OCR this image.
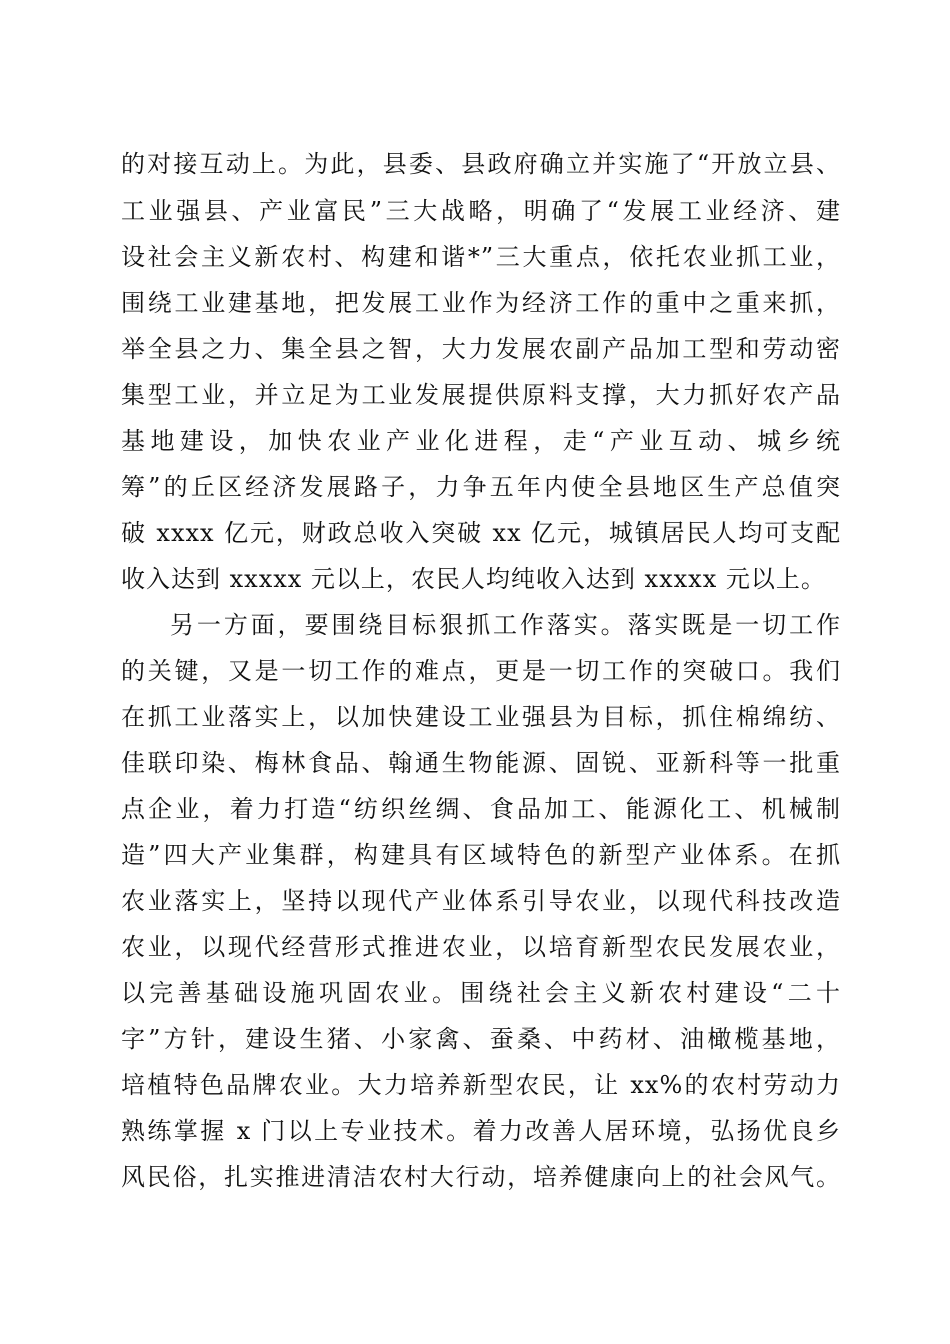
的对接互动上。为此，县委、县政府确立并实施了“开放立县、
工业强县、产业富民”三大战略，明确了“发展工业经济、建
设社会主义新农村、构建和谐*”三大重点，依托农业抓工业，
围绕工业建基地，把发展工业作为经济工作的重中之重来抓，
举全县之力、集全县之智，大力发展农副产品加工型和劳动密
集型工业，并立足为工业发展提供原料支撑，大力抓好农产品
基地建设，加快农业产业化进程，走“产业互动、城乡统
筹”的丘区经济发展路子，力争五年内使全县地区生产总值突
破 xxxx 亿元，财政总收入突破 xx 亿元，城镇居民人均可支配
收入达到 xxxxx 元以上，农民人均纯收入达到 xxxxx 元以上。
另一方面，要围绕目标狠抓工作落实。落实既是一切工作
的关键，又是一切工作的难点，更是一切工作的突破口。我们
在抓工业落实上，以加快建设工业强县为目标，抓住棉绵纺、
佳联印染、梅林食品、翰通生物能源、固锐、亚新科等一批重
点企业，着力打造“纺织丝绸、食品加工、能源化工、机械制
造”四大产业集群，构建具有区域特色的新型产业体系。在抓
农业落实上，坚持以现代产业体系引导农业，以现代科技改造
农业，以现代经营形式推进农业，以培育新型农民发展农业，
以完善基础设施巩固农业。围绕社会主义新农村建设“二十
字”方针，建设生猪、小家禽、蚕桑、中药材、油橄榄基地，
培植特色品牌农业。大力培养新型农民，让 xx%的农村劳动力
熟练掌握 x 门以上专业技术。着力改善人居环境，弘扬优良乡
风民俗，扎实推进清洁农村大行动，培养健康向上的社会风气。
